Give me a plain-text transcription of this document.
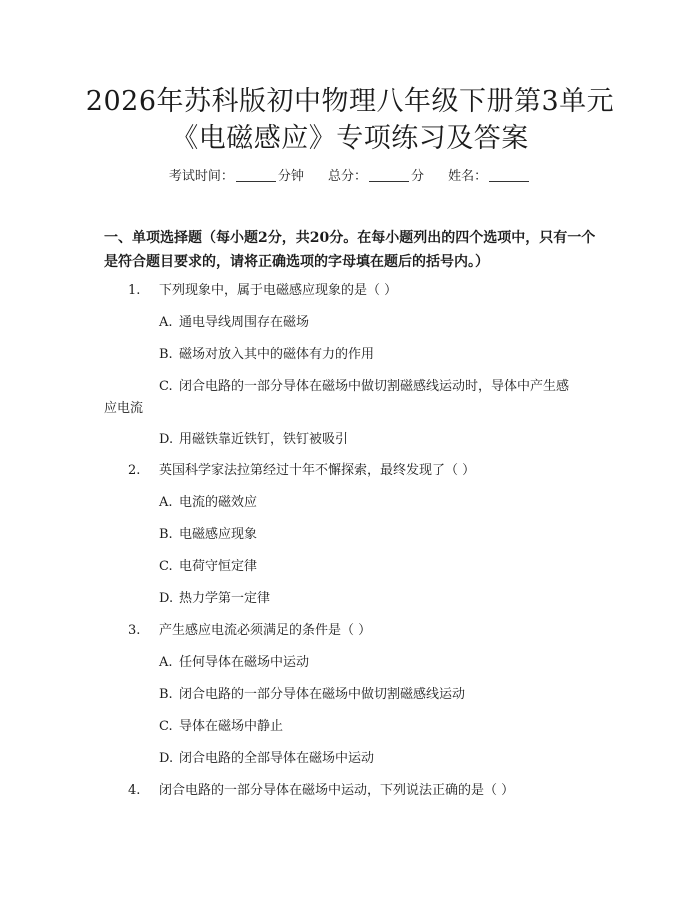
2026年苏科版初中物理八年级下册第3单元
《电磁感应》专项练习及答案
考试时间：	分钟 总分：	分 姓名：
一、单项选择题（每小题2分，共20分。在每小题列出的四个选项中，只有一个
是符合题目要求的，请将正确选项的字母填在题后的括号内。）
1. 下列现象中，属于电磁感应现象的是（ ）
A. 通电导线周围存在磁场
B. 磁场对放入其中的磁体有力的作用
C. 闭合电路的一部分导体在磁场中做切割磁感线运动时，导体中产生感
应电流
D. 用磁铁靠近铁钉，铁钉被吸引
2. 英国科学家法拉第经过十年不懈探索，最终发现了（ ）
A. 电流的磁效应
B. 电磁感应现象
C. 电荷守恒定律
D. 热力学第一定律
3. 产生感应电流必须满足的条件是（ ）
A. 任何导体在磁场中运动
B. 闭合电路的一部分导体在磁场中做切割磁感线运动
C. 导体在磁场中静止
D. 闭合电路的全部导体在磁场中运动
4. 闭合电路的一部分导体在磁场中运动，下列说法正确的是（ ）
